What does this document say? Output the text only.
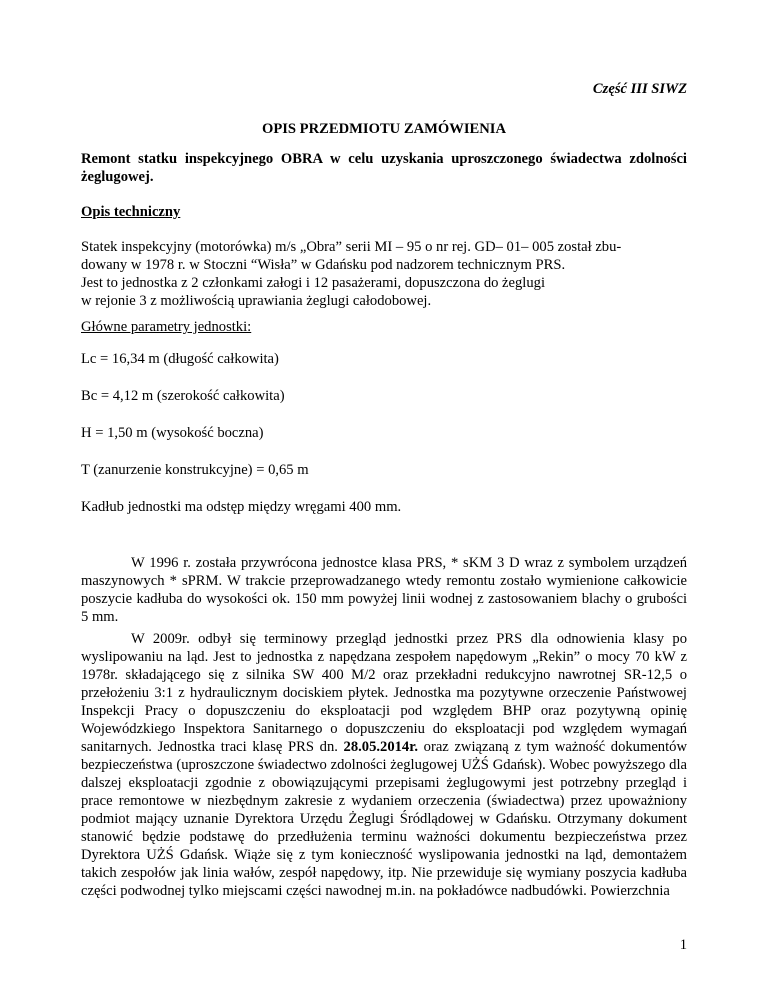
Część III SIWZ
OPIS PRZEDMIOTU ZAMÓWIENIA
Remont statku inspekcyjnego OBRA w celu uzyskania uproszczonego świadectwa zdolności żeglugowej.
Opis techniczny
Statek inspekcyjny (motorówka) m/s „Obra” serii MI – 95 o nr rej. GD– 01– 005 został zbu-
dowany w 1978 r. w Stoczni “Wisła” w Gdańsku pod nadzorem technicznym PRS.
Jest to jednostka z 2 członkami załogi i 12 pasażerami, dopuszczona do żeglugi
w rejonie 3 z możliwością uprawiania żeglugi całodobowej.
Główne parametry jednostki:
Lc = 16,34 m (długość całkowita)
Bc = 4,12 m (szerokość całkowita)
H = 1,50 m (wysokość boczna)
T (zanurzenie konstrukcyjne) = 0,65 m
Kadłub jednostki ma odstęp między wręgami 400 mm.
W 1996 r. została przywrócona jednostce klasa PRS, * sKM 3 D wraz z symbolem urządzeń maszynowych * sPRM. W trakcie przeprowadzanego wtedy remontu zostało wymienione całkowicie poszycie kadłuba do wysokości ok. 150 mm powyżej linii wodnej z zastosowaniem blachy o grubości 5 mm.
W 2009r. odbył się terminowy przegląd jednostki przez PRS dla odnowienia klasy po wyslipowaniu na ląd. Jest to jednostka z napędzana zespołem napędowym „Rekin” o mocy 70 kW z 1978r. składającego się z silnika SW 400 M/2 oraz przekładni redukcyjno nawrotnej SR-12,5 o przełożeniu 3:1 z hydraulicznym dociskiem płytek. Jednostka ma pozytywne orzeczenie Państwowej Inspekcji Pracy o dopuszczeniu do eksploatacji pod względem BHP oraz pozytywną opinię Wojewódzkiego Inspektora Sanitarnego o dopuszczeniu do eksploatacji pod względem wymagań sanitarnych. Jednostka traci klasę PRS dn. 28.05.2014r. oraz związaną z tym ważność dokumentów bezpieczeństwa (uproszczone świadectwo zdolności żeglugowej UŻŚ Gdańsk). Wobec powyższego dla dalszej eksploatacji zgodnie z obowiązującymi przepisami żeglugowymi jest potrzebny przegląd i prace remontowe w niezbędnym zakresie z wydaniem orzeczenia (świadectwa) przez upoważniony podmiot mający uznanie Dyrektora Urzędu Żeglugi Śródlądowej w Gdańsku. Otrzymany dokument stanowić będzie podstawę do przedłużenia terminu ważności dokumentu bezpieczeństwa przez Dyrektora UŻŚ Gdańsk. Wiąże się z tym konieczność wyslipowania jednostki na ląd, demontażem takich zespołów jak linia wałów, zespół napędowy, itp. Nie przewiduje się wymiany poszycia kadłuba części podwodnej tylko miejscami części nawodnej m.in. na pokładówce nadbudówki. Powierzchnia
1
